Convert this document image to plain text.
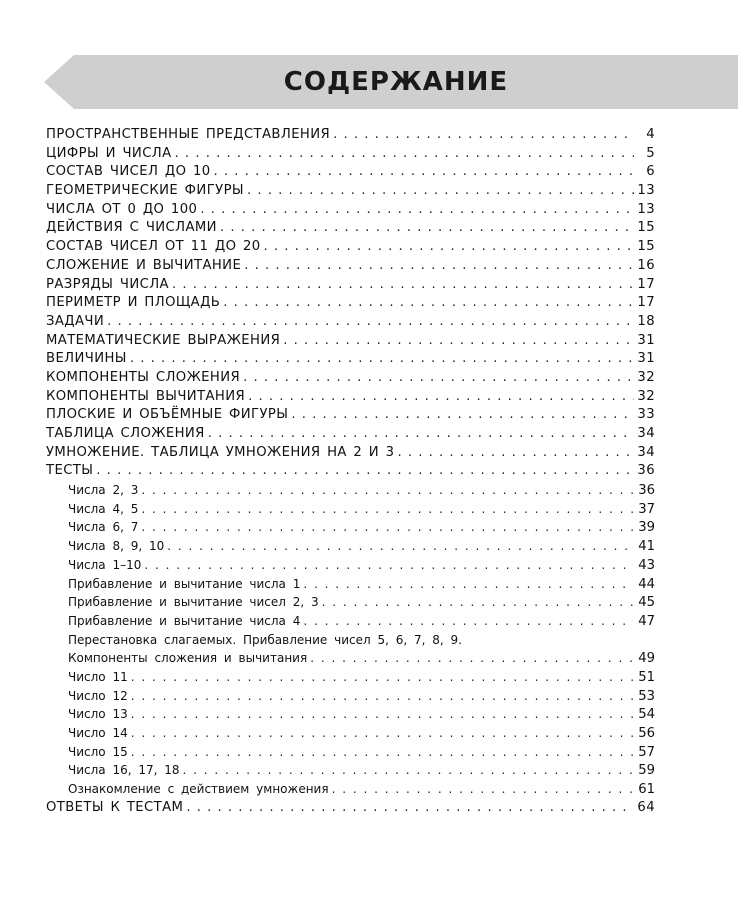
СОДЕРЖАНИЕ
ПРОСТРАНСТВЕННЫЕ ПРЕДСТАВЛЕНИЯ . . .	4
ЦИФРЫ И ЧИСЛА . . .	5
СОСТАВ ЧИСЕЛ ДО 10 . . .	6
ГЕОМЕТРИЧЕСКИЕ ФИГУРЫ . . .	13
ЧИСЛА ОТ 0 ДО 100 . . .	13
ДЕЙСТВИЯ С ЧИСЛАМИ . . .	15
СОСТАВ ЧИСЕЛ ОТ 11 ДО 20 . . .	15
СЛОЖЕНИЕ И ВЫЧИТАНИЕ . . .	16
РАЗРЯДЫ ЧИСЛА . . .	17
ПЕРИМЕТР И ПЛОЩАДЬ . . .	17
ЗАДАЧИ . . .	18
МАТЕМАТИЧЕСКИЕ ВЫРАЖЕНИЯ . . .	31
ВЕЛИЧИНЫ . . .	31
КОМПОНЕНТЫ СЛОЖЕНИЯ . . .	32
КОМПОНЕНТЫ ВЫЧИТАНИЯ . . .	32
ПЛОСКИЕ И ОБЪЁМНЫЕ ФИГУРЫ . . .	33
ТАБЛИЦА СЛОЖЕНИЯ . . .	34
УМНОЖЕНИЕ. ТАБЛИЦА УМНОЖЕНИЯ НА 2 И 3 . . .	34
ТЕСТЫ . . .	36
Числа 2, 3 . . .	36
Числа 4, 5 . . .	37
Числа 6, 7 . . .	39
Числа 8, 9, 10 . . .	41
Числа 1–10 . . .	43
Прибавление и вычитание числа 1 . . .	44
Прибавление и вычитание чисел 2, 3 . . .	45
Прибавление и вычитание числа 4 . . .	47
Перестановка слагаемых. Прибавление чисел 5, 6, 7, 8, 9.
Компоненты сложения и вычитания . . .	49
Число 11 . . .	51
Число 12 . . .	53
Число 13 . . .	54
Число 14 . . .	56
Число 15 . . .	57
Числа 16, 17, 18 . . .	59
Ознакомление с действием умножения . . .	61
ОТВЕТЫ К ТЕСТАМ . . .	64
